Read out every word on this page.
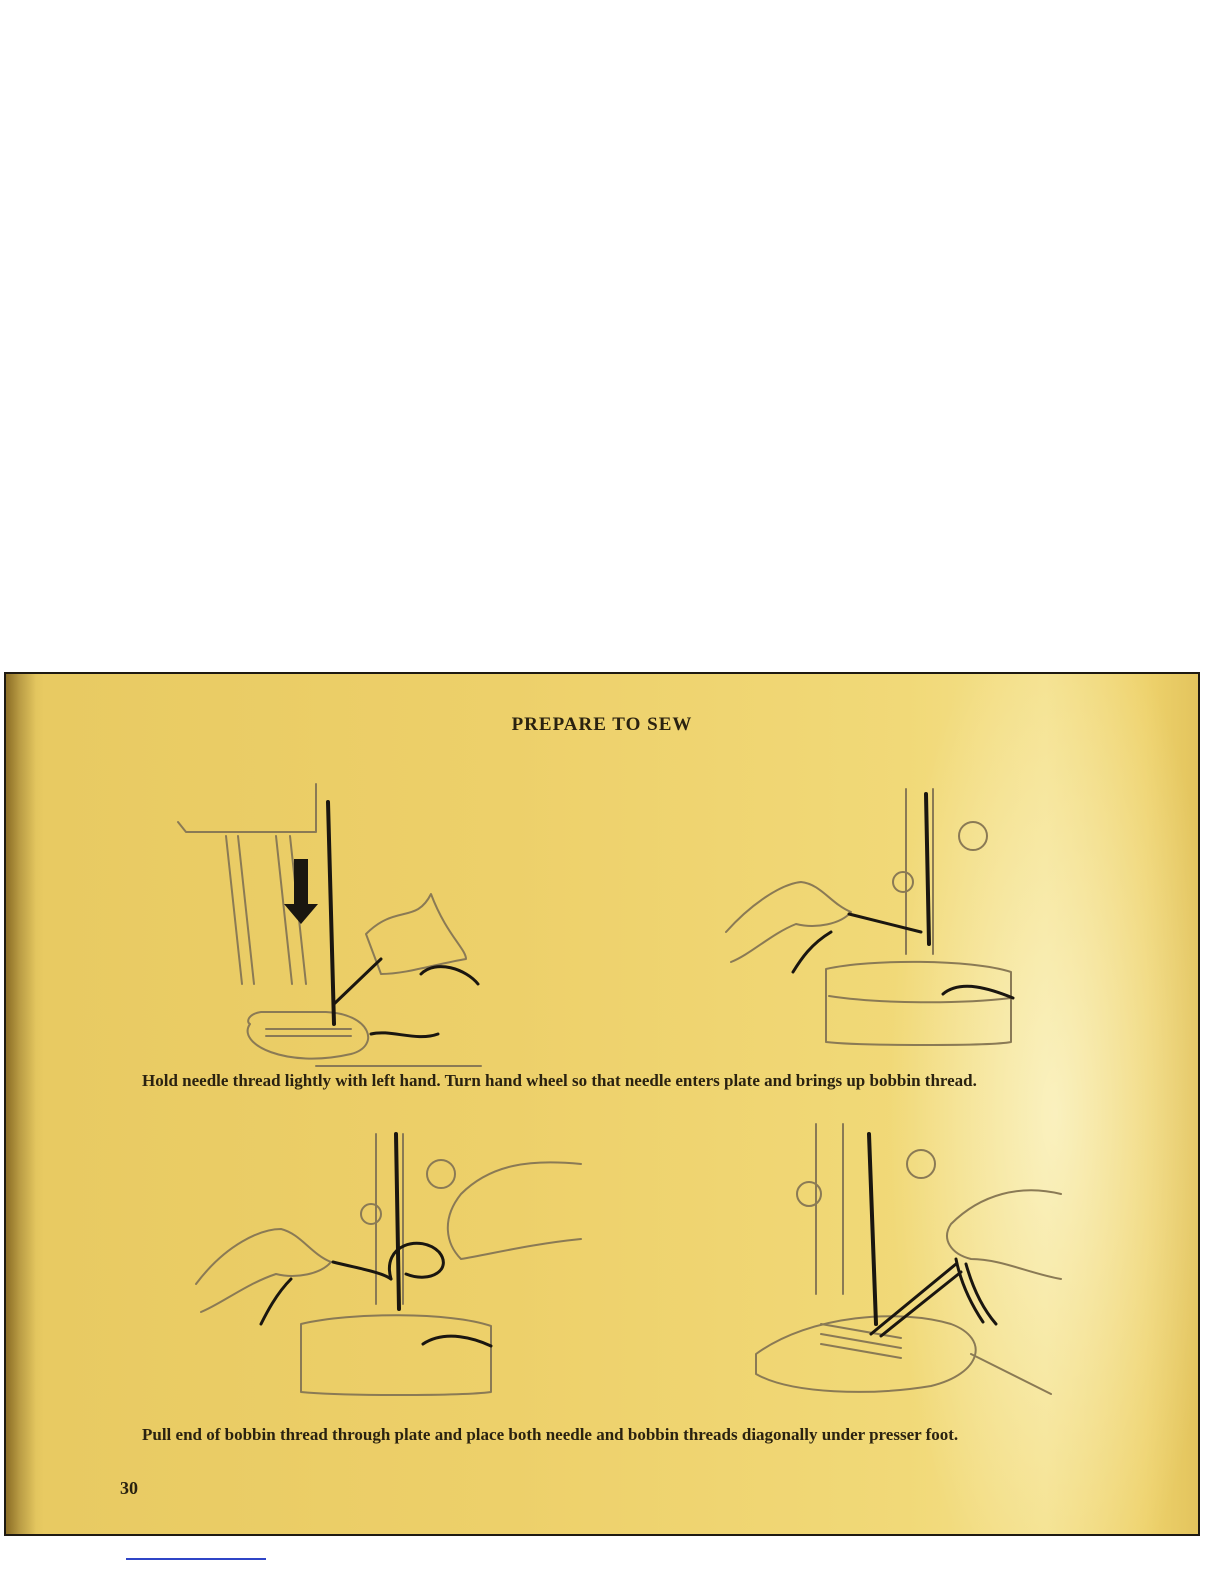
PREPARE TO SEW
Hold needle thread lightly with left hand. Turn hand wheel so that needle enters plate and brings up bobbin thread.
Pull end of bobbin thread through plate and place both needle and bobbin threads diagonally under presser foot.
30
